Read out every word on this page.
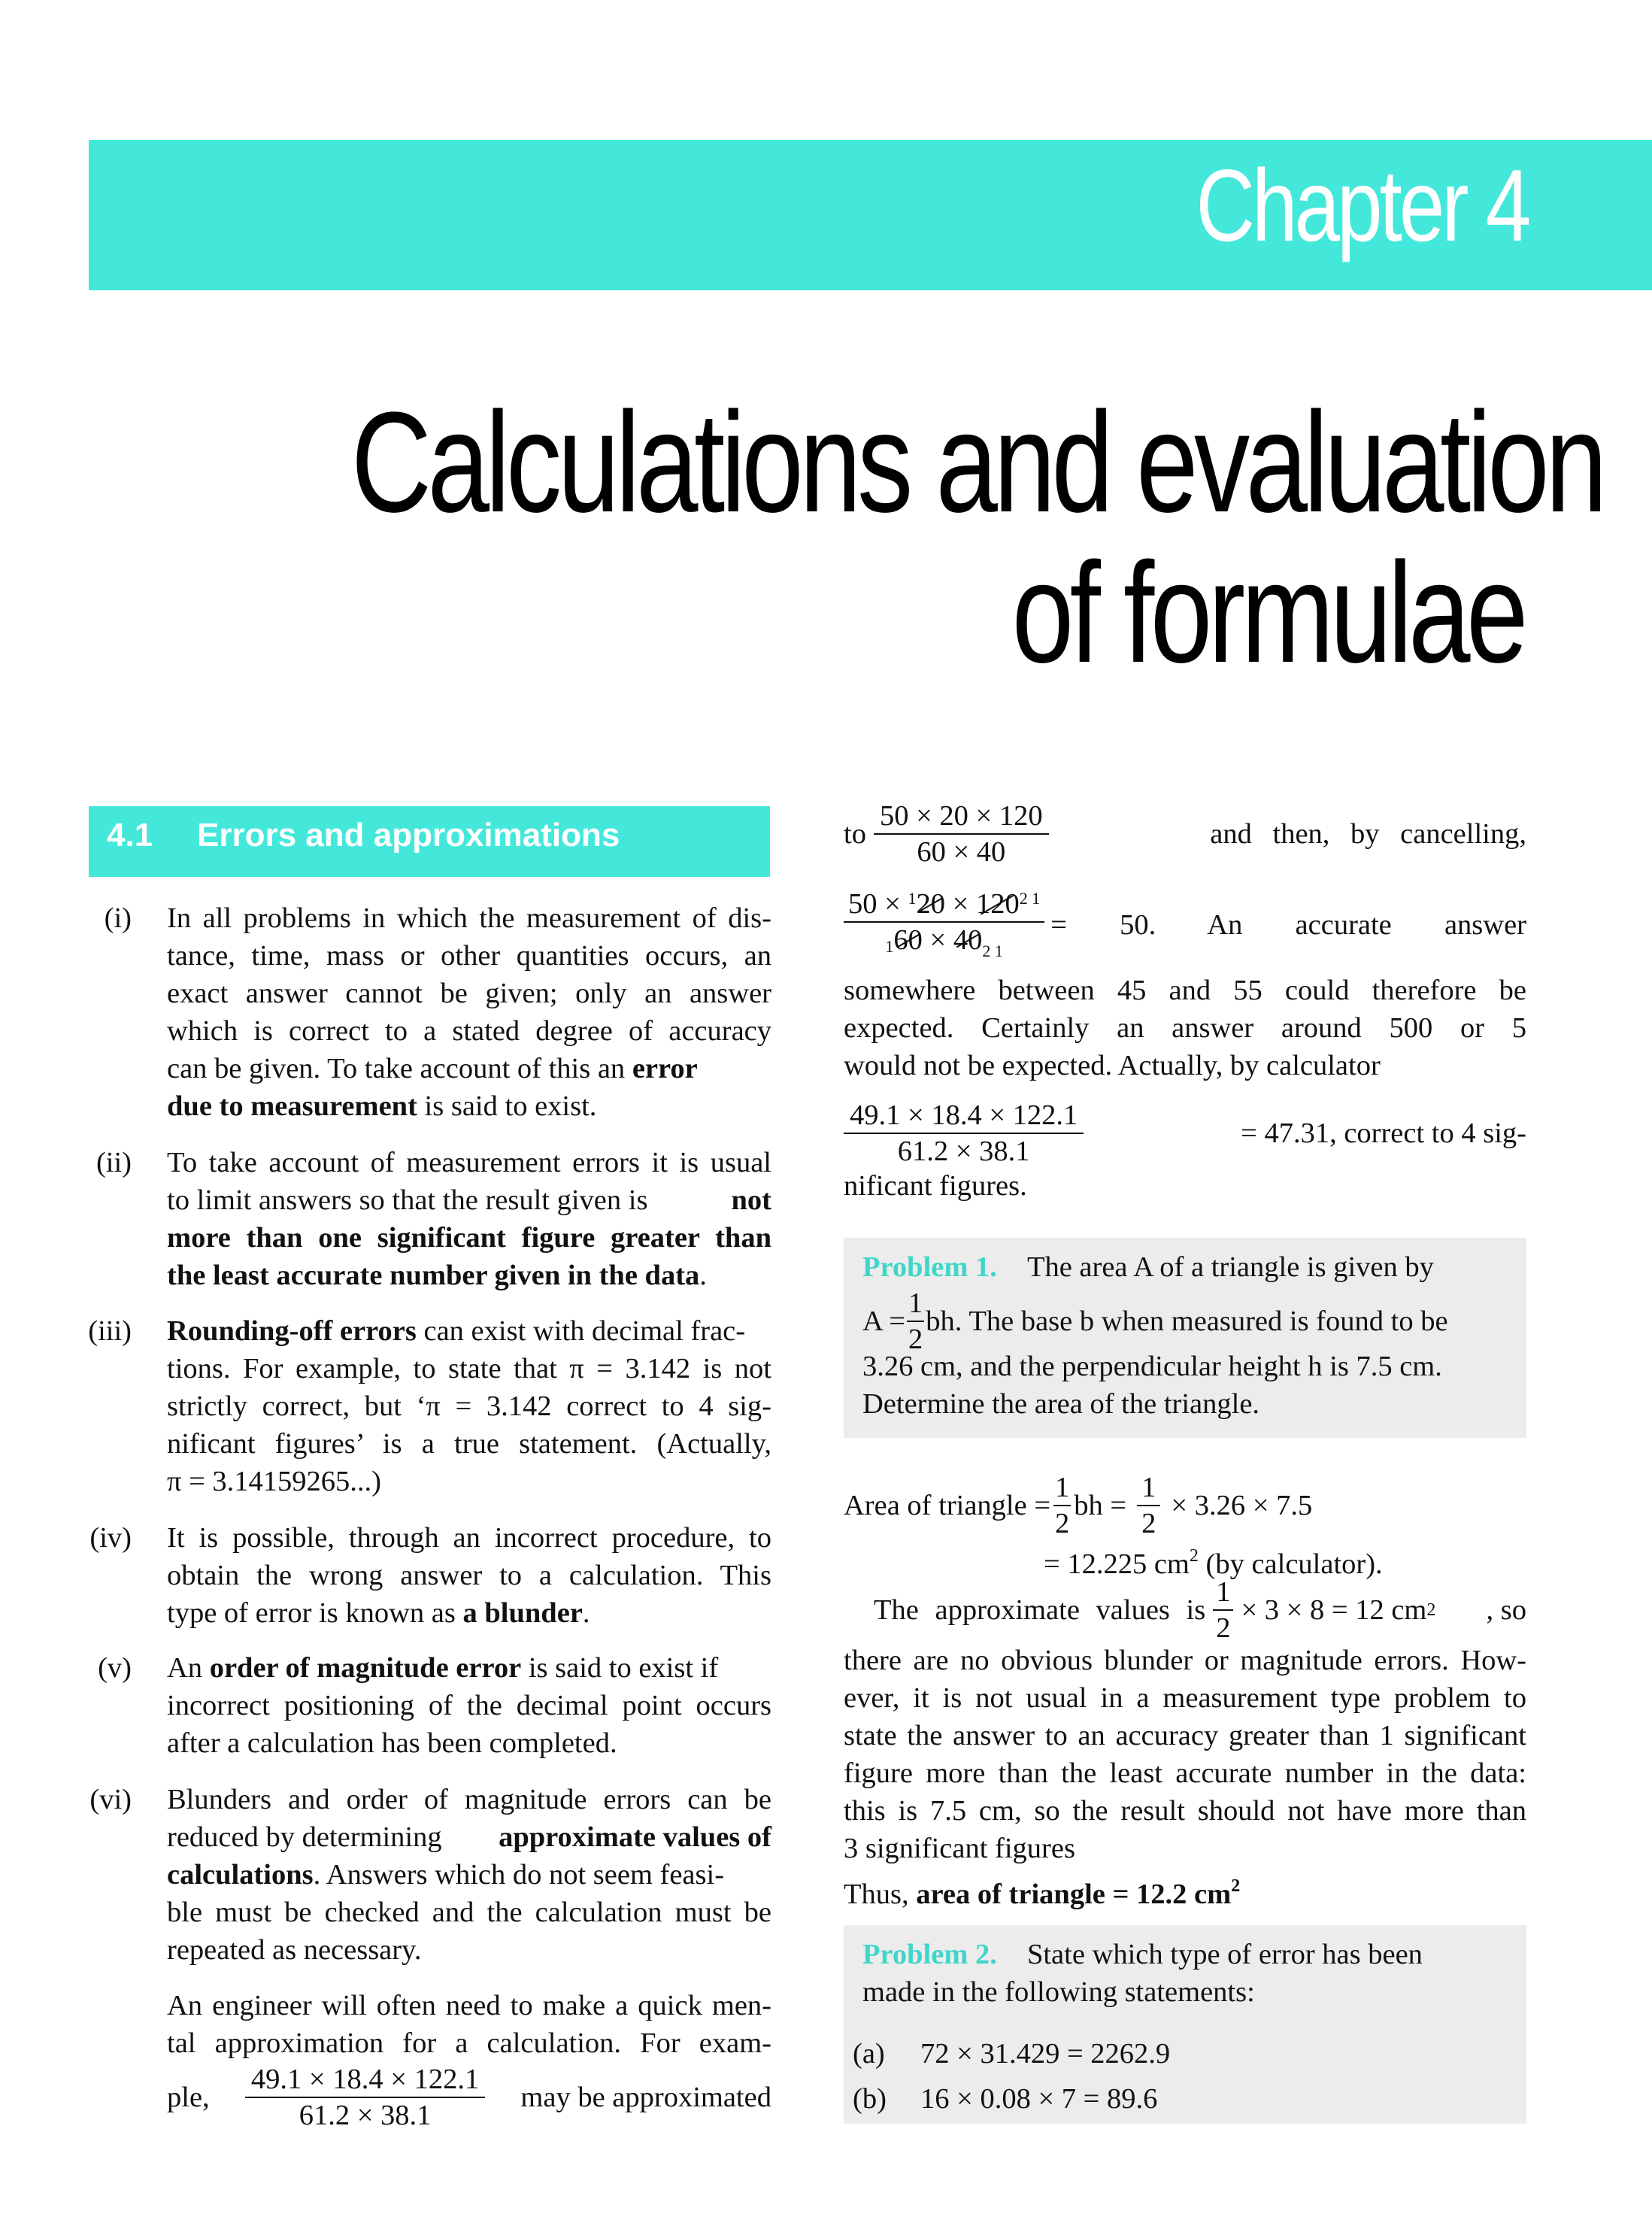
Chapter 4
Calculations and evaluation
of formulae
4.1 Errors and approximations
(i) In all problems in which the measurement of dis-
tance, time, mass or other quantities occurs, an
exact answer cannot be given; only an answer
which is correct to a stated degree of accuracy
can be given. To take account of this an error
due to measurement is said to exist.
(ii) To take account of measurement errors it is usual
to limit answers so that the result given is	not
more than one significant figure greater than
the least accurate number given in the data.
(iii) Rounding-off errors can exist with decimal frac-
tions. For example, to state that π = 3.142 is not
strictly correct, but ‘π = 3.142 correct to 4 sig-
nificant figures’ is a true statement. (Actually,
π = 3.14159265...)
(iv) It is possible, through an incorrect procedure, to
obtain the wrong answer to a calculation. This
type of error is known as a blunder.
(v) An order of magnitude error is said to exist if
incorrect positioning of the decimal point occurs
after a calculation has been completed.
(vi) Blunders and order of magnitude errors can be
reduced by determining approximate values of
calculations. Answers which do not seem feasi-
ble must be checked and the calculation must be
repeated as necessary.
An engineer will often need to make a quick men-
tal approximation for a calculation. For exam-
ple, $\frac{49.1 \times 18.4 \times 122.1}{61.2 \times 38.1}$ may be approximated
to $\frac{50 \times 20 \times 120}{60 \times 40}$	and then, by cancelling,
$\frac{50 \times ^120 \times 120^{2 1}}{160 \times 40_{2 1}} = 50$. An accurate answer
somewhere between 45 and 55 could therefore be
expected. Certainly an answer around 500 or 5
would not be expected. Actually, by calculator
$\frac{49.1 \times 18.4 \times 122.1}{61.2 \times 38.1}$	= 47.31, correct to 4 sig-
nificant figures.
Problem 1. The area A of a triangle is given by
$A = \frac{1}{2}$ bh. The base b when measured is found to be
3.26 cm, and the perpendicular height h is 7.5 cm.
Determine the area of the triangle.
Area of triangle = $\frac{1}{2}$ bh = $\frac{1}{2} \times 3.26 \times 7.5$
= 12.225 $cm^2$ (by calculator).
The approximate values is $\frac{1}{2} \times 3 \times 8 = 12$ cm 2	, so
there are no obvious blunder or magnitude errors. How-
ever, it is not usual in a measurement type problem to
state the answer to an accuracy greater than 1 significant
figure more than the least accurate number in the data:
this is 7.5 cm, so the result should not have more than
3 significant figures
Thus, area of triangle = 12.2 $cm^2$
Problem 2. State which type of error has been
made in the following statements:
(a) 72 × 31.429 = 2262.9
(b) 16 × 0.08 × 7 = 89.6
